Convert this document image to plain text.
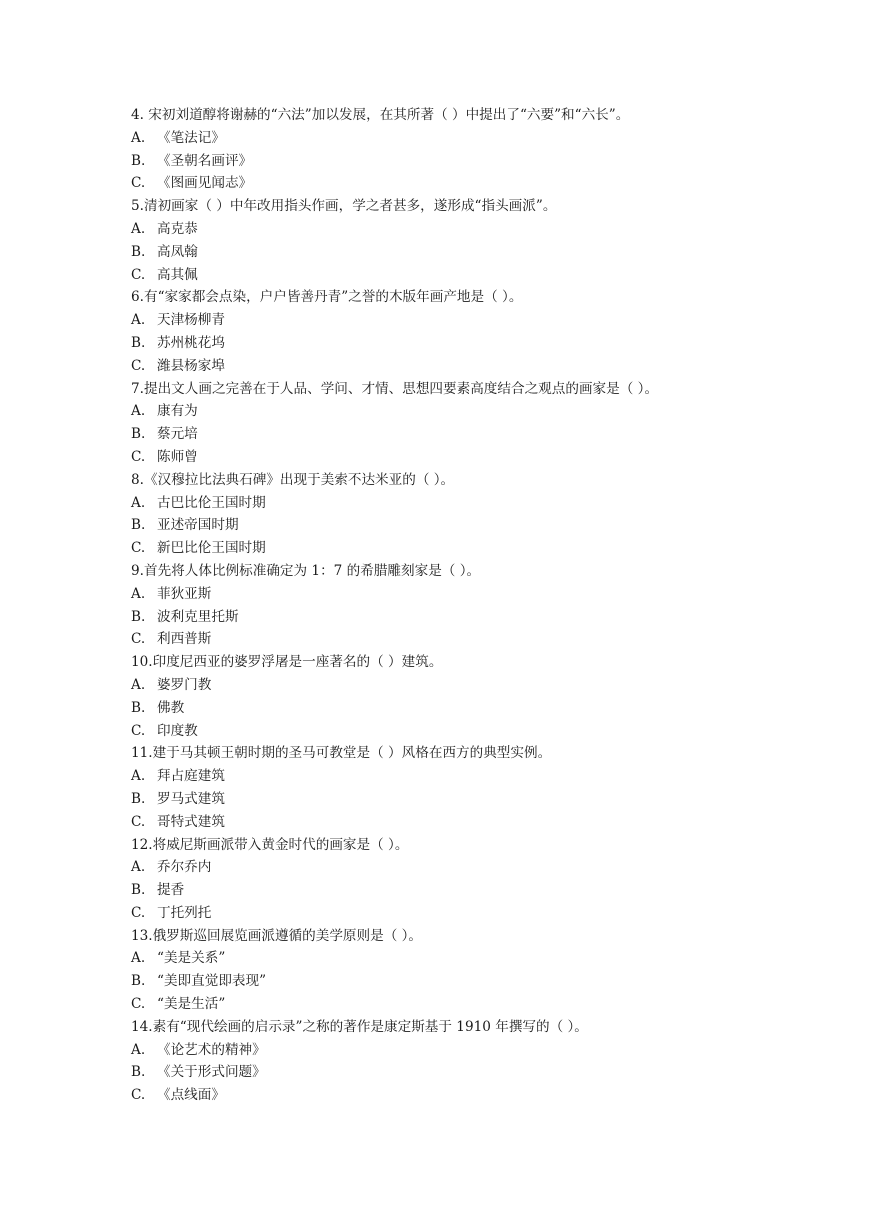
4. 宋初刘道醇将谢赫的“六法”加以发展，在其所著（ ）中提出了“六要”和“六长”。
A. 《笔法记》
B. 《圣朝名画评》
C. 《图画见闻志》
5.清初画家（ ）中年改用指头作画，学之者甚多，遂形成“指头画派”。
A. 高克恭
B. 高凤翰
C. 高其佩
6.有“家家都会点染，户户皆善丹青”之誉的木版年画产地是（ ）。
A. 天津杨柳青
B. 苏州桃花坞
C. 潍县杨家埠
7.提出文人画之完善在于人品、学问、才情、思想四要素高度结合之观点的画家是（ ）。
A. 康有为
B. 蔡元培
C. 陈师曾
8.《汉穆拉比法典石碑》出现于美索不达米亚的（ ）。
A. 古巴比伦王国时期
B. 亚述帝国时期
C. 新巴比伦王国时期
9.首先将人体比例标准确定为 1：7 的希腊雕刻家是（ ）。
A. 菲狄亚斯
B. 波利克里托斯
C. 利西普斯
10.印度尼西亚的婆罗浮屠是一座著名的（ ）建筑。
A. 婆罗门教
B. 佛教
C. 印度教
11.建于马其顿王朝时期的圣马可教堂是（ ）风格在西方的典型实例。
A. 拜占庭建筑
B. 罗马式建筑
C. 哥特式建筑
12.将威尼斯画派带入黄金时代的画家是（ ）。
A. 乔尔乔内
B. 提香
C. 丁托列托
13.俄罗斯巡回展览画派遵循的美学原则是（ ）。
A. “美是关系”
B. “美即直觉即表现”
C. “美是生活”
14.素有“现代绘画的启示录”之称的著作是康定斯基于 1910 年撰写的（ ）。
A. 《论艺术的精神》
B. 《关于形式问题》
C. 《点线面》
